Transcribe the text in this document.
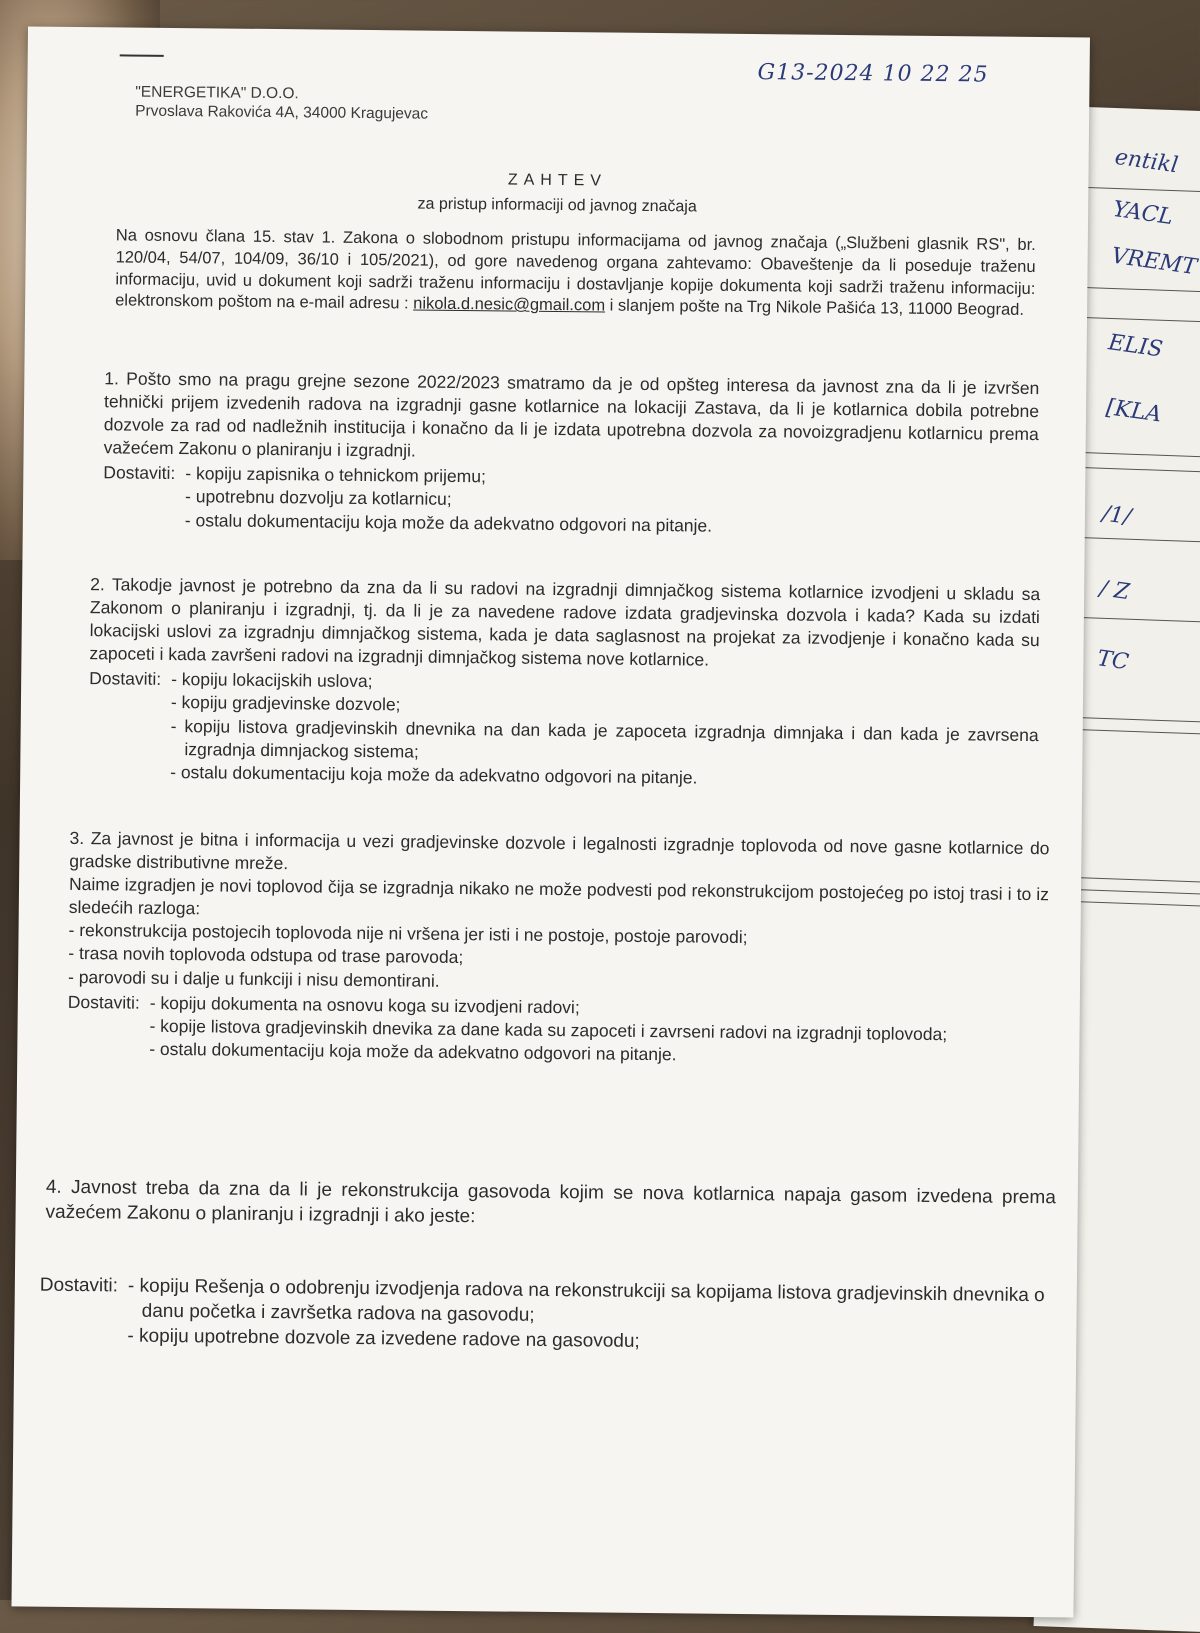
entikl
YACL
VREMT
ELIS
[KLA
/1/
/ Z
TC
G13-2024 10 22 25
"ENERGETIKA" D.O.O.
Prvoslava Rakovića 4A, 34000 Kragujevac
ZAHTEV
za pristup informaciji od javnog značaja
Na osnovu člana 15. stav 1. Zakona o slobodnom pristupu informacijama od javnog značaja („Službeni glasnik RS", br. 120/04, 54/07, 104/09, 36/10 i 105/2021), od gore navedenog organa zahtevamo: Obaveštenje da li poseduje traženu informaciju, uvid u dokument koji sadrži traženu informaciju i dostavljanje kopije dokumenta koji sadrži traženu informaciju: elektronskom poštom na e-mail adresu : nikola.d.nesic@gmail.com i slanjem pošte na Trg Nikole Pašića 13, 11000 Beograd.

1. Pošto smo na pragu grejne sezone 2022/2023 smatramo da je od opšteg interesa da javnost zna da li je izvršen tehnički prijem izvedenih radova na izgradnji gasne kotlarnice na lokaciji Zastava, da li je kotlarnica dobila potrebne dozvole za rad od nadležnih institucija i konačno da li je izdata upotrebna dozvola za novoizgradjenu kotlarnicu prema važećem Zakonu o planiranju i izgradnji.

Dostaviti: - kopiju zapisnika o tehnickom prijemu;
- upotrebnu dozvolju za kotlarnicu;
- ostalu dokumentaciju koja može da adekvatno odgovori na pitanje.

2. Takodje javnost je potrebno da zna da li su radovi na izgradnji dimnjačkog sistema kotlarnice izvodjeni u skladu sa Zakonom o planiranju i izgradnji, tj. da li je za navedene radove izdata gradjevinska dozvola i kada? Kada su izdati lokacijski uslovi za izgradnju dimnjačkog sistema, kada je data saglasnost na projekat za izvodjenje i konačno kada su zapoceti i kada završeni radovi na izgradnji dimnjačkog sistema nove kotlarnice.

Dostaviti: - kopiju lokacijskih uslova;
- kopiju gradjevinske dozvole;
- kopiju listova gradjevinskih dnevnika na dan kada je zapoceta izgradnja dimnjaka i dan kada je zavrsena izgradnja dimnjackog sistema;
- ostalu dokumentaciju koja može da adekvatno odgovori na pitanje.

3. Za javnost je bitna i informacija u vezi gradjevinske dozvole i legalnosti izgradnje toplovoda od nove gasne kotlarnice do gradske distributivne mreže.

Naime izgradjen je novi toplovod čija se izgradnja nikako ne može podvesti pod rekonstrukcijom postojećeg po istoj trasi i to iz sledećih razloga:

- rekonstrukcija postojecih toplovoda nije ni vršena jer isti i ne postoje, postoje parovodi;
- trasa novih toplovoda odstupa od trase parovoda;
- parovodi su i dalje u funkciji i nisu demontirani.
Dostaviti: - kopiju dokumenta na osnovu koga su izvodjeni radovi;
- kopije listova gradjevinskih dnevika za dane kada su zapoceti i zavrseni radovi na izgradnji toplovoda;
- ostalu dokumentaciju koja može da adekvatno odgovori na pitanje.

4. Javnost treba da zna da li je rekonstrukcija gasovoda kojim se nova kotlarnica napaja gasom izvedena prema važećem Zakonu o planiranju i izgradnji i ako jeste:

Dostaviti: - kopiju Rešenja o odobrenju izvodjenja radova na rekonstrukciji sa kopijama listova gradjevinskih dnevnika o danu početka i završetka radova na gasovodu;
- kopiju upotrebne dozvole za izvedene radove na gasovodu;
